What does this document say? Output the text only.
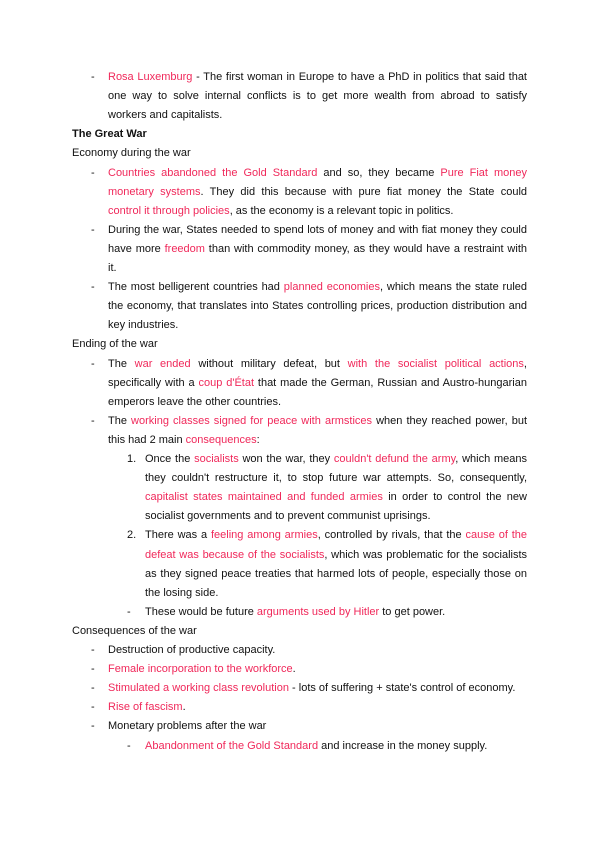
-	Rosa Luxemburg - The first woman in Europe to have a PhD in politics that said that
one way to solve internal conflicts is to get more wealth from abroad to satisfy
workers and capitalists.
The Great War
Economy during the war
-	Countries abandoned the Gold Standard and so, they became Pure Fiat money
monetary systems. They did this because with pure fiat money the State could
control it through policies, as the economy is a relevant topic in politics.
-	During the war, States needed to spend lots of money and with fiat money they could
have more freedom than with commodity money, as they would have a restraint with
it.
-	The most belligerent countries had planned economies, which means the state ruled
the economy, that translates into States controlling prices, production distribution and
key industries.
Ending of the war
-	The war ended without military defeat, but with the socialist political actions,
specifically with a coup d'État that made the German, Russian and Austro-hungarian
emperors leave the other countries.
-	The working classes signed for peace with armstices when they reached power, but
this had 2 main consequences:
1. Once the socialists won the war, they couldn't defund the army, which means
they couldn't restructure it, to stop future war attempts. So, consequently,
capitalist states maintained and funded armies in order to control the new
socialist governments and to prevent communist uprisings.
2. There was a feeling among armies, controlled by rivals, that the cause of the
defeat was because of the socialists, which was problematic for the socialists
as they signed peace treaties that harmed lots of people, especially those on
the losing side.
-	These would be future arguments used by Hitler to get power.
Consequences of the war
-	Destruction of productive capacity.
-	Female incorporation to the workforce.
-	Stimulated a working class revolution - lots of suffering + state's control of economy.
-	Rise of fascism.
-	Monetary problems after the war
-	Abandonment of the Gold Standard and increase in the money supply.
